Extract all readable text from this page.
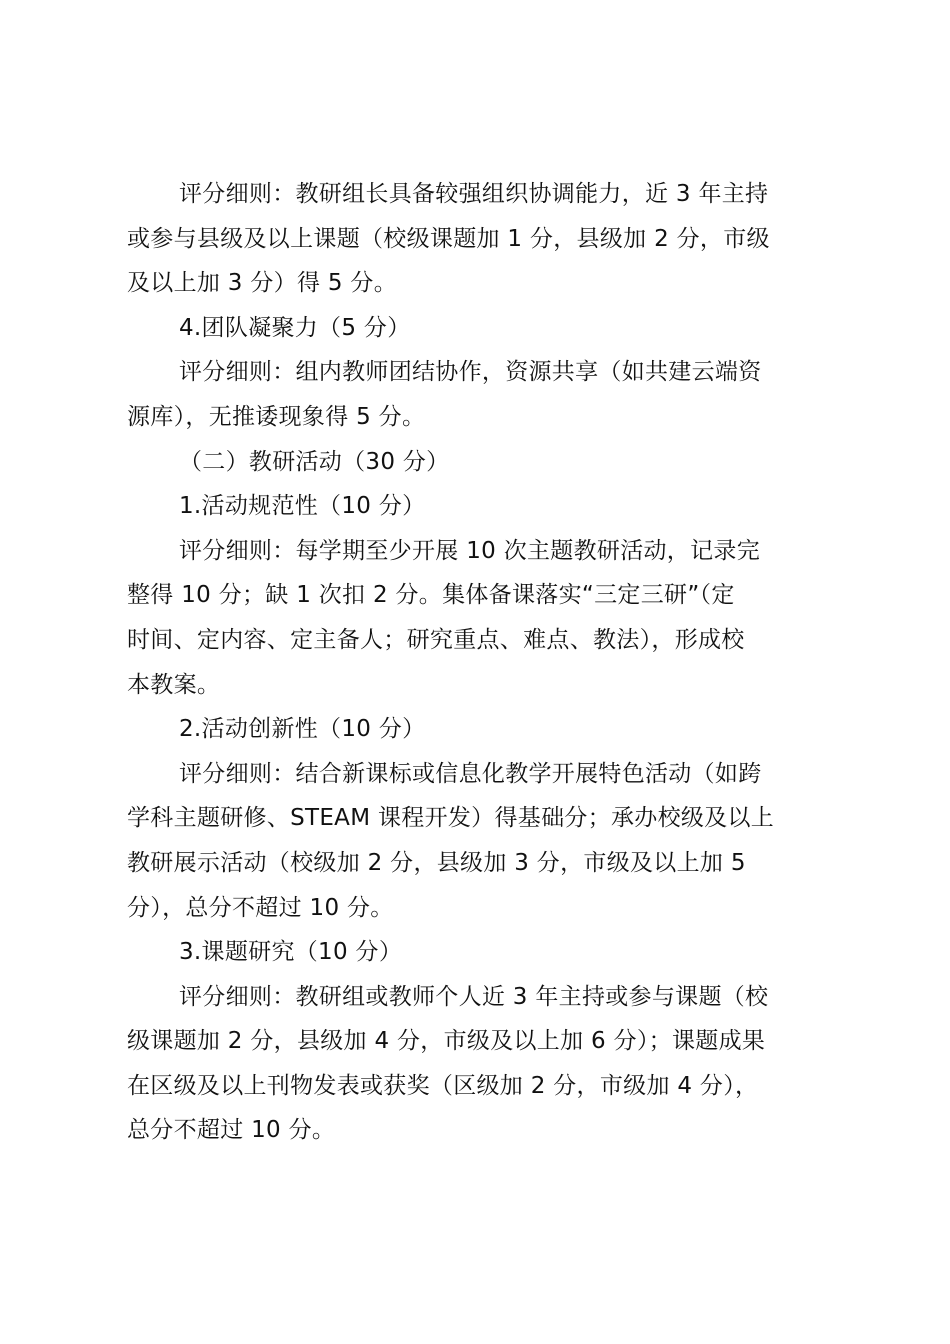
评分细则：教研组长具备较强组织协调能力，近 3 年主持
或参与县级及以上课题（校级课题加 1 分，县级加 2 分，市级
及以上加 3 分）得 5 分。
4.团队凝聚力（5 分）
评分细则：组内教师团结协作，资源共享（如共建云端资
源库），无推诿现象得 5 分。
（二）教研活动（30 分）
1.活动规范性（10 分）
评分细则：每学期至少开展 10 次主题教研活动，记录完
整得 10 分；缺 1 次扣 2 分。集体备课落实“三定三研”（定
时间、定内容、定主备人；研究重点、难点、教法），形成校
本教案。
2.活动创新性（10 分）
评分细则：结合新课标或信息化教学开展特色活动（如跨
学科主题研修、STEAM 课程开发）得基础分；承办校级及以上
教研展示活动（校级加 2 分，县级加 3 分，市级及以上加 5
分），总分不超过 10 分。
3.课题研究（10 分）
评分细则：教研组或教师个人近 3 年主持或参与课题（校
级课题加 2 分，县级加 4 分，市级及以上加 6 分）；课题成果
在区级及以上刊物发表或获奖（区级加 2 分，市级加 4 分），
总分不超过 10 分。
